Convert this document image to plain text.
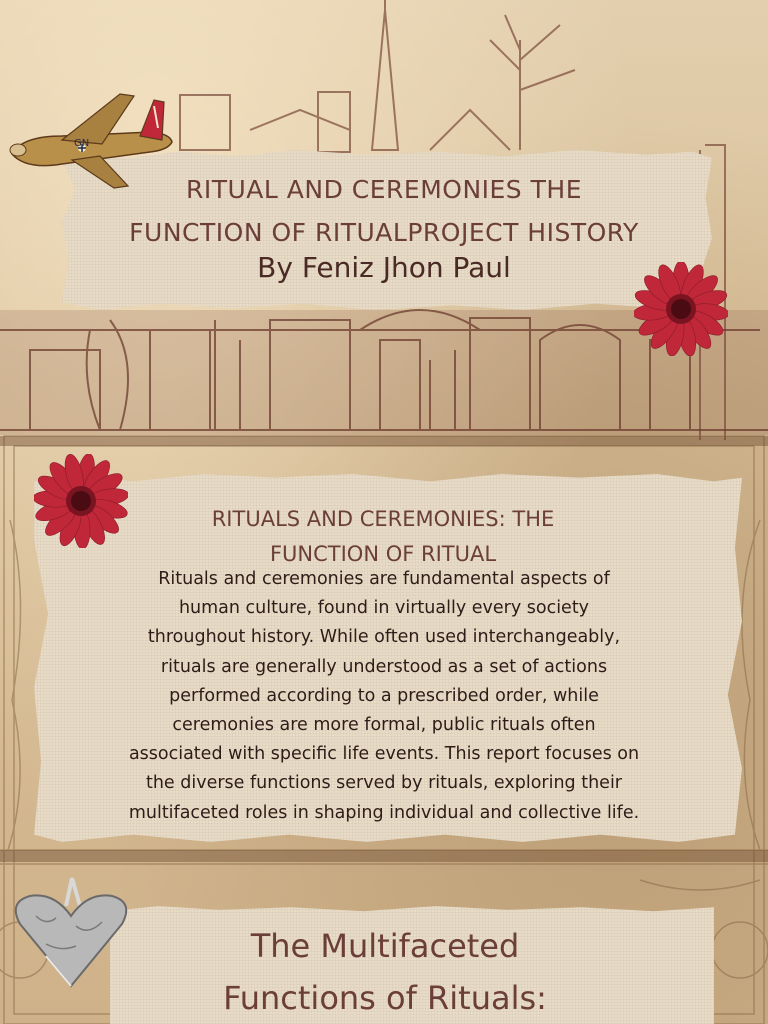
GN
RITUAL AND CEREMONIES THE
FUNCTION OF RITUALPROJECT HISTORY

By Feniz Jhon Paul

RITUALS AND CEREMONIES: THE
FUNCTION OF RITUAL

Rituals and ceremonies are fundamental aspects of
human culture, found in virtually every society
throughout history. While often used interchangeably,
rituals are generally understood as a set of actions
performed according to a prescribed order, while
ceremonies are more formal, public rituals often
associated with specific life events. This report focuses on
the diverse functions served by rituals, exploring their
multifaceted roles in shaping individual and collective life.

The Multifaceted
Functions of Rituals:
